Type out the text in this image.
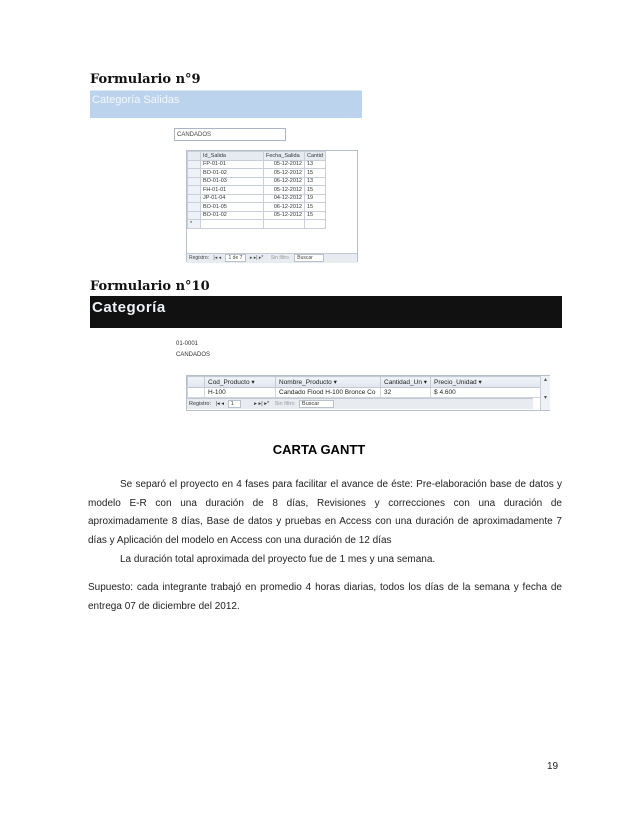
Formulario n°9
Categoría Salidas
CANDADOS
	Id_Salida	Fecha_Salida	Cantid
	FP-01-01	05-12-2012	13
	BO-01-02	05-12-2012	15
	BO-01-03	06-12-2012	13
	FH-01-01	05-12-2012	15
	JP-01-04	04-12-2012	19
	BO-01-05	06-12-2012	15
	BO-01-02	05-12-2012	15
*			
Registro: |◂ ◂ 1 de 7 ▸ ▸| ▸* Sin filtro Buscar
Formulario n°10
Categoría
01-0001
CANDADOS
	Cod_Producto ▾	Nombre_Producto ▾	Cantidad_Un ▾	Precio_Unidad ▾
	H-100	Candado Flood H-100 Bronce Co	32	$ 4.600
Registro: |◂ ◂ 1	▸ ▸| ▸* Sin filtro Buscar
▴
▾
CARTA GANTT
Se separó el proyecto en 4 fases para facilitar el avance de éste: Pre-elaboración base de datos y modelo E-R con una duración de 8 días, Revisiones y correcciones con una duración de aproximadamente 8 días, Base de datos y pruebas en Access con una duración de aproximadamente 7 días y Aplicación del modelo en Access con una duración de 12 días
La duración total aproximada del proyecto fue de 1 mes y una semana.
Supuesto: cada integrante trabajó en promedio 4 horas diarias, todos los días de la semana y fecha de entrega 07 de diciembre del 2012.
19
